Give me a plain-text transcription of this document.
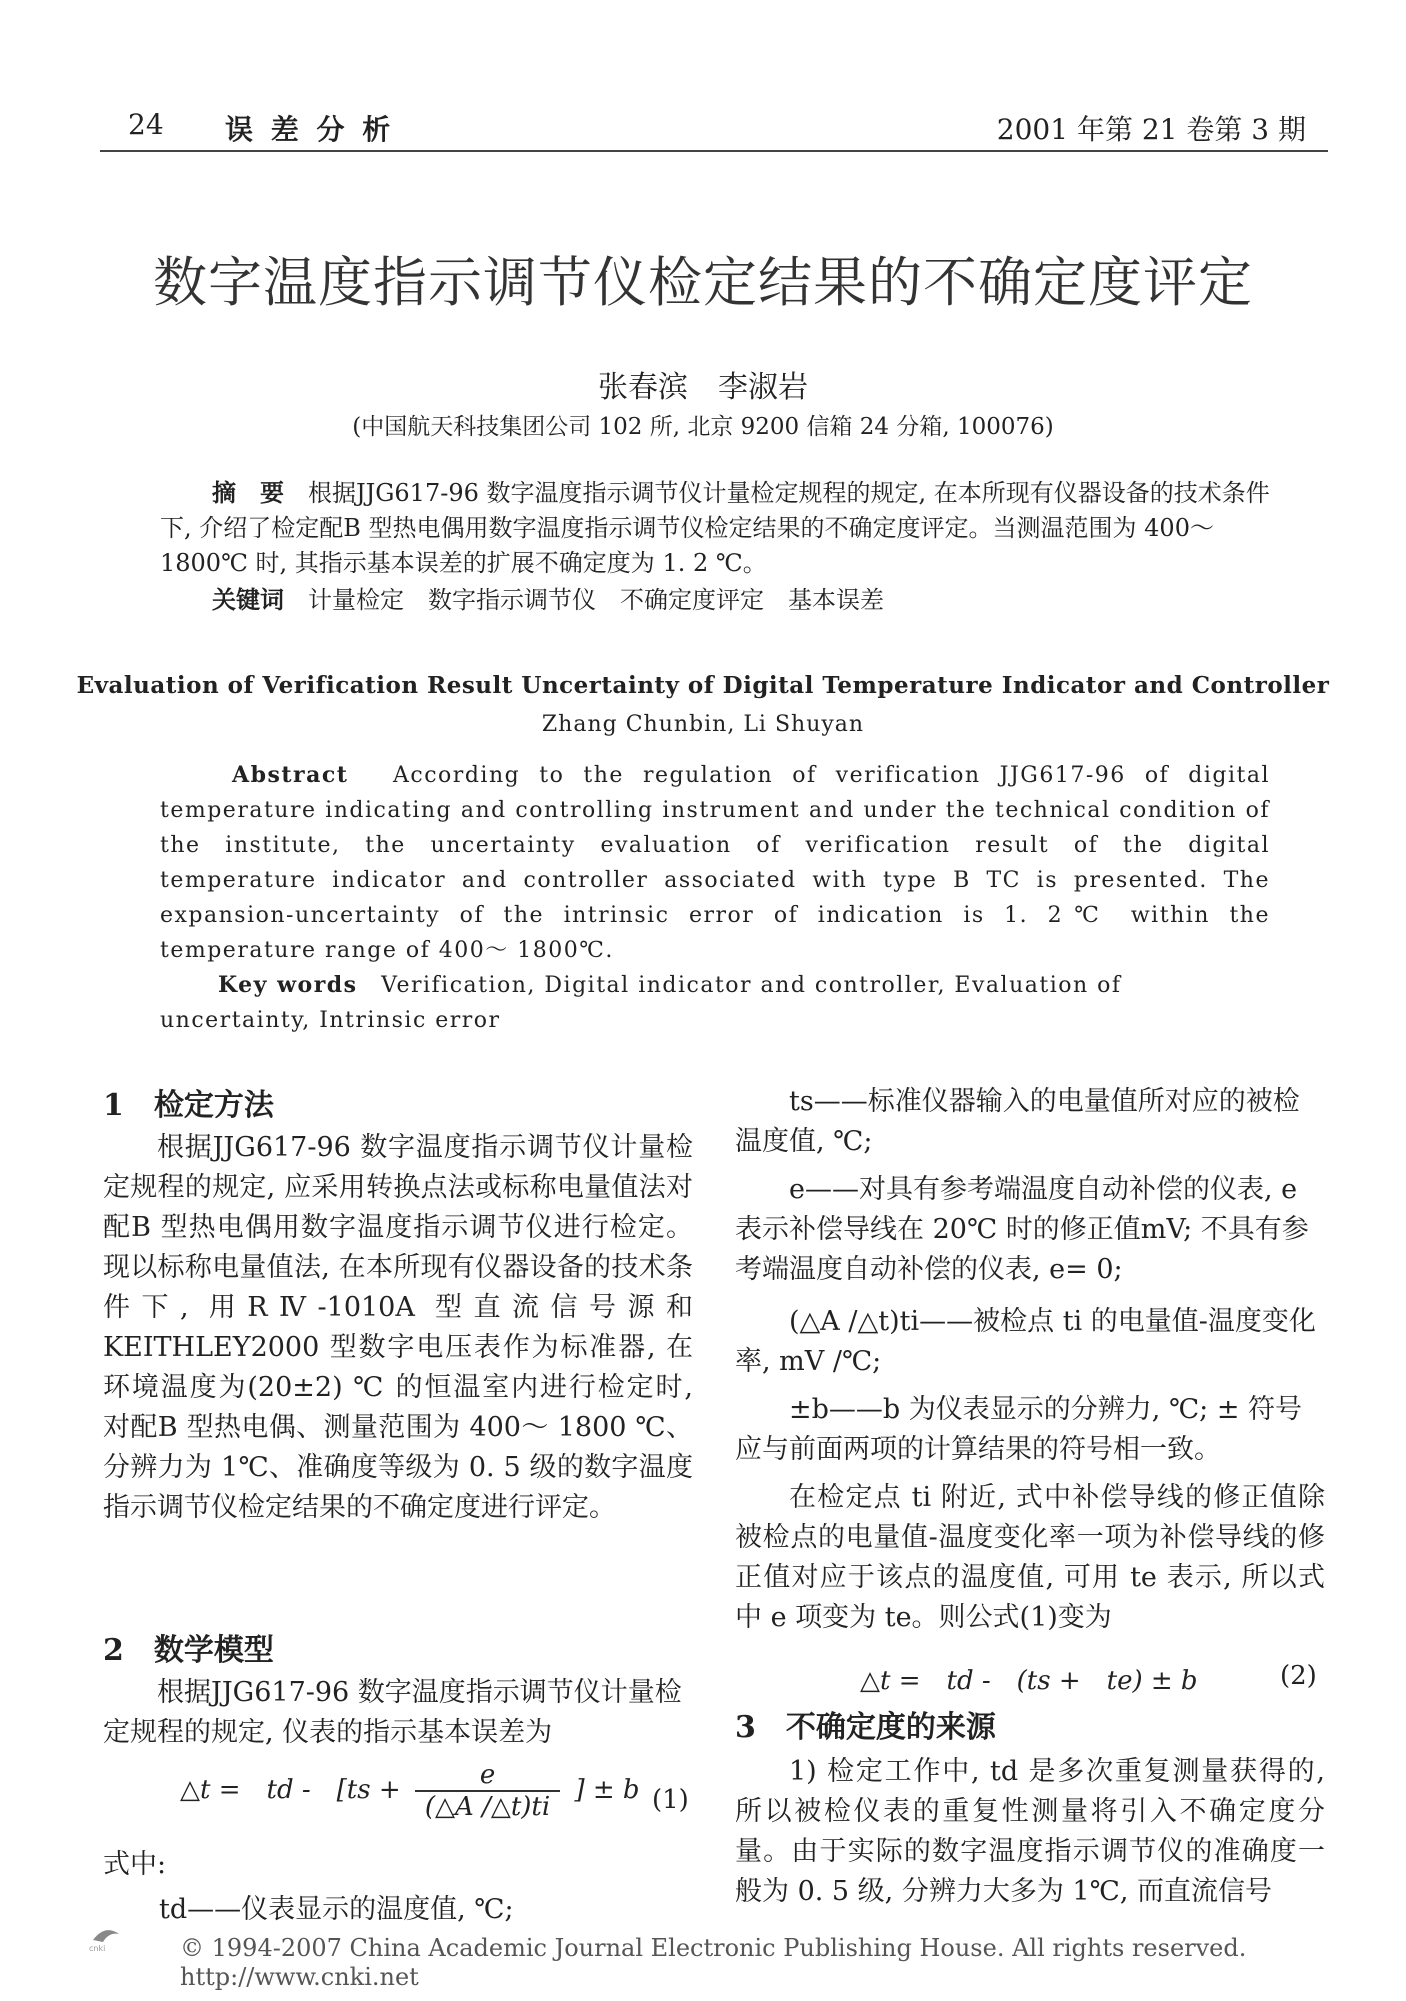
24 误 差 分 析	2001 年第 21 卷第 3 期
数字温度指示调节仪检定结果的不确定度评定
张春滨　李淑岩
(中国航天科技集团公司 102 所, 北京 9200 信箱 24 分箱, 100076)
摘　要　 根据JJG617-96 数字温度指示调节仪计量检定规程的规定, 在本所现有仪器设备的技术条件下, 介绍了检定配B 型热电偶用数字温度指示调节仪检定结果的不确定度评定。当测温范围为 400～ 1800℃ 时, 其指示基本误差的扩展不确定度为 1. 2 ℃。
关键词　 计量检定　数字指示调节仪　不确定度评定　基本误差
Evaluation of Verification Result Uncertainty of Digital Temperature Indicator and Controller
Zhang Chunbin, Li Shuyan
Abstract　 According to the regulation of verification JJG617-96 of digital temperature indicating and controlling instrument and under the technical condition of the institute, the uncertainty evaluation of verification result of the digital temperature indicator and controller associated with type B TC is presented. The expansion-uncertainty of the intrinsic error of indication is 1. 2℃ within the temperature range of 400～ 1800℃.
Key words　 Verification, Digital indicator and controller, Evaluation of uncertainty, Intrinsic error
1　检定方法
根据JJG617-96 数字温度指示调节仪计量检定规程的规定, 应采用转换点法或标称电量值法对配B 型热电偶用数字温度指示调节仪进行检定。现以标称电量值法, 在本所现有仪器设备的技术条件下, 用RⅣ-1010A 型直流信号源和 KEITHLEY2000 型数字电压表作为标准器, 在环境温度为(20±2) ℃ 的恒温室内进行检定时, 对配B 型热电偶、测量范围为 400～ 1800 ℃、分辨力为 1℃、准确度等级为 0. 5 级的数字温度指示调节仪检定结果的不确定度进行评定。
2　数学模型
根据JJG617-96 数字温度指示调节仪计量检定规程的规定, 仪表的指示基本误差为
△t =　td -　[$ts + \frac{e}{(\triangle A /\triangle t)ti}$ ] ± b (1)
式中:
td——仪表显示的温度值, ℃;
ts——标准仪器输入的电量值所对应的被检温度值, ℃;
e——对具有参考端温度自动补偿的仪表, e 表示补偿导线在 20℃ 时的修正值mV; 不具有参考端温度自动补偿的仪表, e= 0;
(△A /△t)ti——被检点 ti 的电量值-温度变化率, mV /℃;
±b——b 为仪表显示的分辨力, ℃; ± 符号应与前面两项的计算结果的符号相一致。
在检定点 ti 附近, 式中补偿导线的修正值除被检点的电量值-温度变化率一项为补偿导线的修正值对应于该点的温度值, 可用 te 表示, 所以式中 e 项变为 te。则公式(1)变为
△t =　td -　(ts +　te) ± b	(2)
3　不确定度的来源
1) 检定工作中, td 是多次重复测量获得的, 所以被检仪表的重复性测量将引入不确定度分量。由于实际的数字温度指示调节仪的准确度一般为 0. 5 级, 分辨力大多为 1℃, 而直流信号
cnki	© 1994-2007 China Academic Journal Electronic Publishing House. All rights reserved.　　http://www.cnki.net
